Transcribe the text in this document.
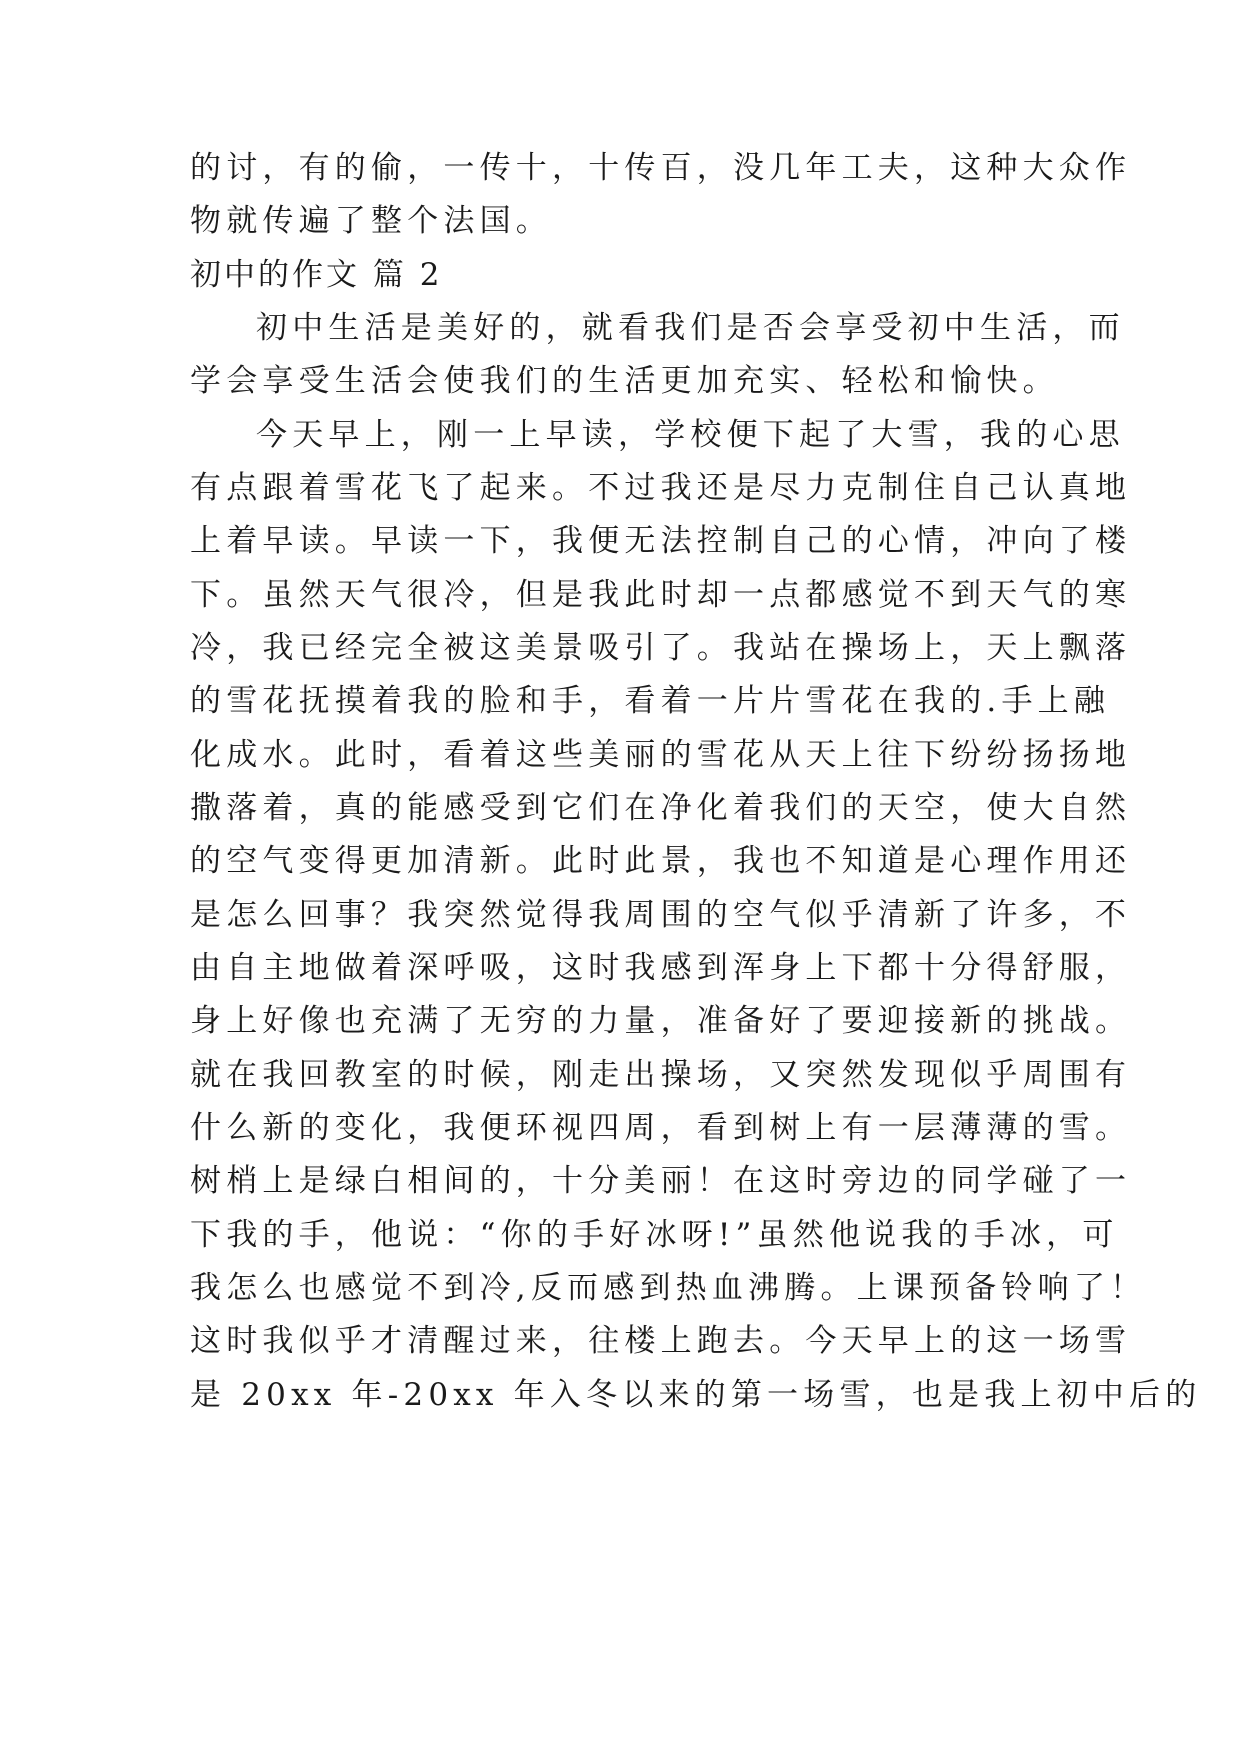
的讨，有的偷，一传十，十传百，没几年工夫，这种大众作
物就传遍了整个法国。
初中的作文 篇 2
初中生活是美好的，就看我们是否会享受初中生活，而
学会享受生活会使我们的生活更加充实、轻松和愉快。
今天早上，刚一上早读，学校便下起了大雪，我的心思
有点跟着雪花飞了起来。不过我还是尽力克制住自己认真地
上着早读。早读一下，我便无法控制自己的心情，冲向了楼
下。虽然天气很冷，但是我此时却一点都感觉不到天气的寒
冷，我已经完全被这美景吸引了。我站在操场上，天上飘落
的雪花抚摸着我的脸和手，看着一片片雪花在我的.手上融
化成水。此时，看着这些美丽的雪花从天上往下纷纷扬扬地
撒落着，真的能感受到它们在净化着我们的天空，使大自然
的空气变得更加清新。此时此景，我也不知道是心理作用还
是怎么回事？我突然觉得我周围的空气似乎清新了许多，不
由自主地做着深呼吸，这时我感到浑身上下都十分得舒服，
身上好像也充满了无穷的力量，准备好了要迎接新的挑战。
就在我回教室的时候，刚走出操场，又突然发现似乎周围有
什么新的变化，我便环视四周，看到树上有一层薄薄的雪。
树梢上是绿白相间的，十分美丽！在这时旁边的同学碰了一
下我的手，他说：“你的手好冰呀!”虽然他说我的手冰，可
我怎么也感觉不到冷,反而感到热血沸腾。上课预备铃响了！
这时我似乎才清醒过来，往楼上跑去。今天早上的这一场雪
是 20xx 年-20xx 年入冬以来的第一场雪，也是我上初中后的
